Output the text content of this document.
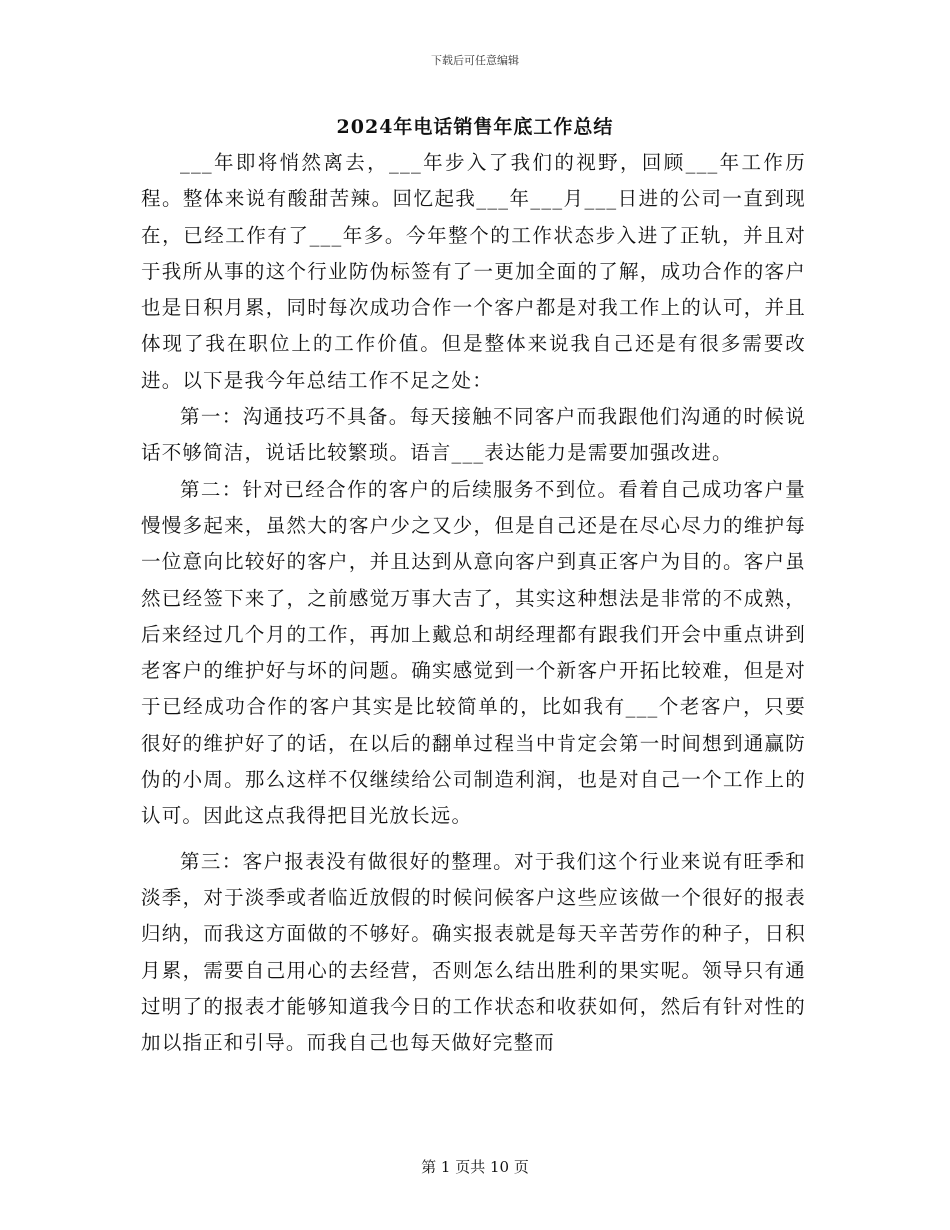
下载后可任意编辑
2024年电话销售年底工作总结

___年即将悄然离去，___年步入了我们的视野，回顾___年工作历程。整体来说有酸甜苦辣。回忆起我___年___月___日进的公司一直到现在，已经工作有了___年多。今年整个的工作状态步入进了正轨，并且对于我所从事的这个行业防伪标签有了一更加全面的了解，成功合作的客户也是日积月累，同时每次成功合作一个客户都是对我工作上的认可，并且体现了我在职位上的工作价值。但是整体来说我自己还是有很多需要改进。以下是我今年总结工作不足之处：

第一：沟通技巧不具备。每天接触不同客户而我跟他们沟通的时候说话不够简洁，说话比较繁琐。语言___表达能力是需要加强改进。

第二：针对已经合作的客户的后续服务不到位。看着自己成功客户量慢慢多起来，虽然大的客户少之又少，但是自己还是在尽心尽力的维护每一位意向比较好的客户，并且达到从意向客户到真正客户为目的。客户虽然已经签下来了，之前感觉万事大吉了，其实这种想法是非常的不成熟，后来经过几个月的工作，再加上戴总和胡经理都有跟我们开会中重点讲到老客户的维护好与坏的问题。确实感觉到一个新客户开拓比较难，但是对于已经成功合作的客户其实是比较简单的，比如我有___个老客户，只要很好的维护好了的话，在以后的翻单过程当中肯定会第一时间想到通赢防伪的小周。那么这样不仅继续给公司制造利润，也是对自己一个工作上的认可。因此这点我得把目光放长远。

第三：客户报表没有做很好的整理。对于我们这个行业来说有旺季和淡季，对于淡季或者临近放假的时候问候客户这些应该做一个很好的报表归纳，而我这方面做的不够好。确实报表就是每天辛苦劳作的种子，日积月累，需要自己用心的去经营，否则怎么结出胜利的果实呢。领导只有通过明了的报表才能够知道我今日的工作状态和收获如何，然后有针对性的加以指正和引导。而我自己也每天做好完整而

第 1 页共 10 页
